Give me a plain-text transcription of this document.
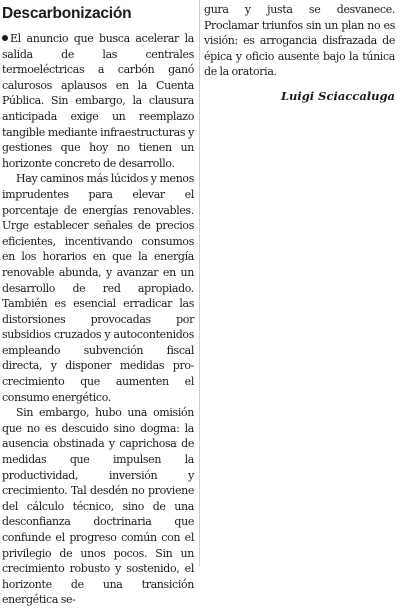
Descarbonización

El anuncio que busca acelerar la salida de las centrales termoeléctricas a carbón ganó calurosos aplausos en la Cuenta Pública. Sin embargo, la clausura anticipada exige un reemplazo tangible mediante infraestructuras y gestiones que hoy no tienen un horizonte concreto de desarrollo.

Hay caminos más lúcidos y menos imprudentes para elevar el porcentaje de energías renovables. Urge establecer señales de precios eficientes, incentivando consumos en los horarios en que la energía renovable abunda, y avanzar en un desarrollo de red apropiado. También es esencial erradicar las distorsiones provocadas por subsidios cruzados y autocontenidos empleando subvención fiscal directa, y disponer medidas pro-crecimiento que aumenten el consumo energético.

Sin embargo, hubo una omisión que no es descuido sino dogma: la ausencia obstinada y caprichosa de medidas que impulsen la productividad, inversión y crecimiento. Tal desdén no proviene del cálculo técnico, sino de una desconfianza doctrinaria que confunde el progreso común con el privilegio de unos pocos. Sin un crecimiento robusto y sostenido, el horizonte de una transición energética se-

gura y justa se desvanece. Proclamar triunfos sin un plan no es visión: es arrogancia disfrazada de épica y oficio ausente bajo la túnica de la oratoria.

Luigi Sciaccaluga
